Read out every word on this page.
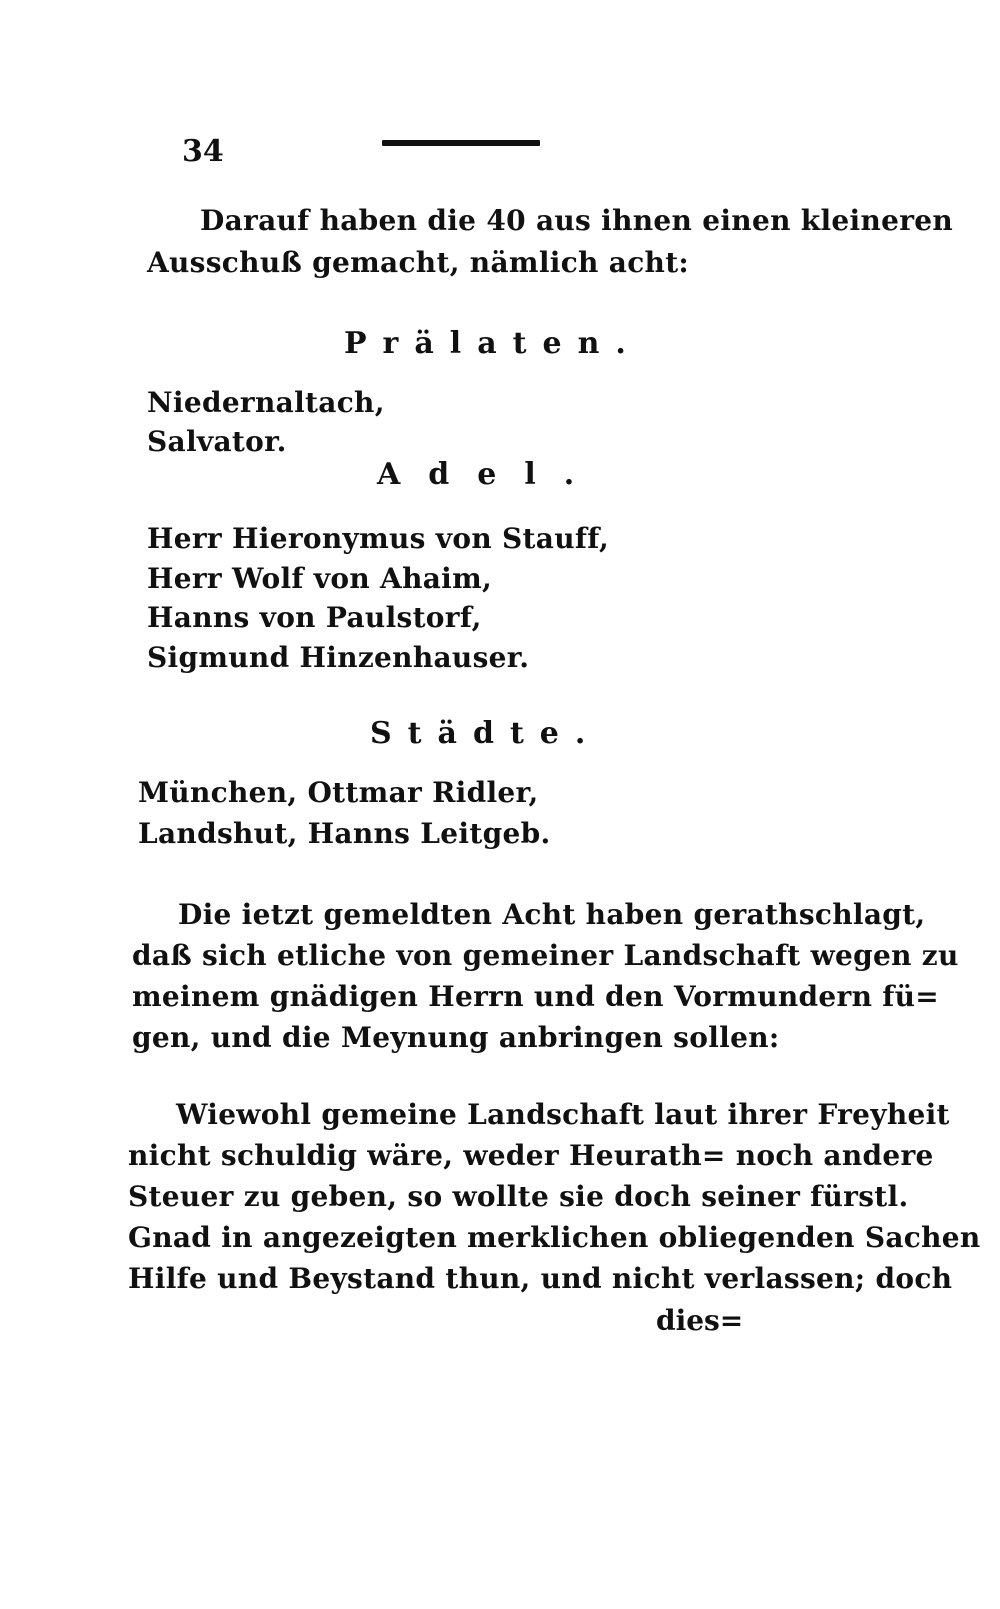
34
Darauf haben die 40 aus ihnen einen kleineren
Ausschuß gemacht, nämlich acht:
Prälaten.
Niedernaltach,
Salvator.
Adel.
Herr Hieronymus von Stauff,
Herr Wolf von Ahaim,
Hanns von Paulstorf,
Sigmund Hinzenhauser.
Städte.
München, Ottmar Ridler,
Landshut, Hanns Leitgeb.
Die ietzt gemeldten Acht haben gerathschlagt,
daß sich etliche von gemeiner Landschaft wegen zu
meinem gnädigen Herrn und den Vormundern fü=
gen, und die Meynung anbringen sollen:
Wiewohl gemeine Landschaft laut ihrer Freyheit
nicht schuldig wäre, weder Heurath= noch andere
Steuer zu geben, so wollte sie doch seiner fürstl.
Gnad in angezeigten merklichen obliegenden Sachen
Hilfe und Beystand thun, und nicht verlassen; doch
dies=
